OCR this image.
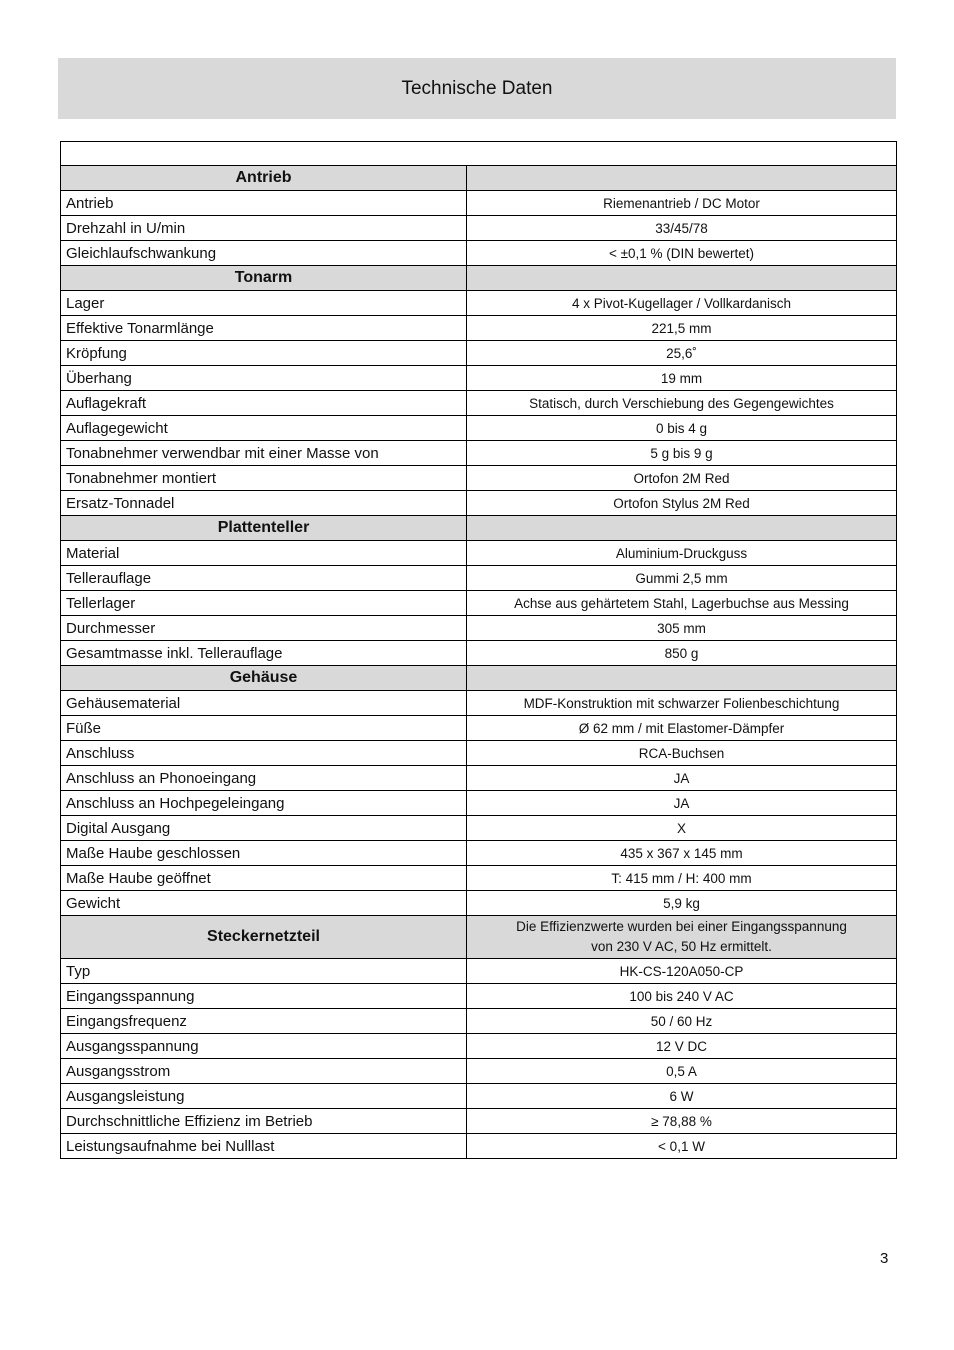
Technische Daten

Antrieb	
Antrieb	Riemenantrieb / DC Motor
Drehzahl in U/min	33/45/78
Gleichlaufschwankung	< ±0,1 % (DIN bewertet)
Tonarm	
Lager	4 x Pivot-Kugellager / Vollkardanisch
Effektive Tonarmlänge	221,5 mm
Kröpfung	25,6˚
Überhang	19 mm
Auflagekraft	Statisch, durch Verschiebung des Gegengewichtes
Auflagegewicht	0 bis 4 g
Tonabnehmer verwendbar mit einer Masse von	5 g bis 9 g
Tonabnehmer montiert	Ortofon 2M Red
Ersatz-Tonnadel	Ortofon Stylus 2M Red
Plattenteller	
Material	Aluminium-Druckguss
Tellerauflage	Gummi 2,5 mm
Tellerlager	Achse aus gehärtetem Stahl, Lagerbuchse aus Messing
Durchmesser	305 mm
Gesamtmasse inkl. Tellerauflage	850 g
Gehäuse	
Gehäusematerial	MDF-Konstruktion mit schwarzer Folienbeschichtung
Füße	Ø 62 mm / mit Elastomer-Dämpfer
Anschluss	RCA-Buchsen
Anschluss an Phonoeingang	JA
Anschluss an Hochpegeleingang	JA
Digital Ausgang	X
Maße Haube geschlossen	435 x 367 x 145 mm
Maße Haube geöffnet	T: 415 mm / H: 400 mm
Gewicht	5,9 kg
Steckernetzteil	Die Effizienzwerte wurden bei einer Eingangsspannung
von 230 V AC, 50 Hz ermittelt.

Typ	HK-CS-120A050-CP
Eingangsspannung	100 bis 240 V AC
Eingangsfrequenz	50 / 60 Hz
Ausgangsspannung	12 V DC
Ausgangsstrom	0,5 A
Ausgangsleistung	6 W
Durchschnittliche Effizienz im Betrieb	≥ 78,88 %
Leistungsaufnahme bei Nulllast	< 0,1 W
3
